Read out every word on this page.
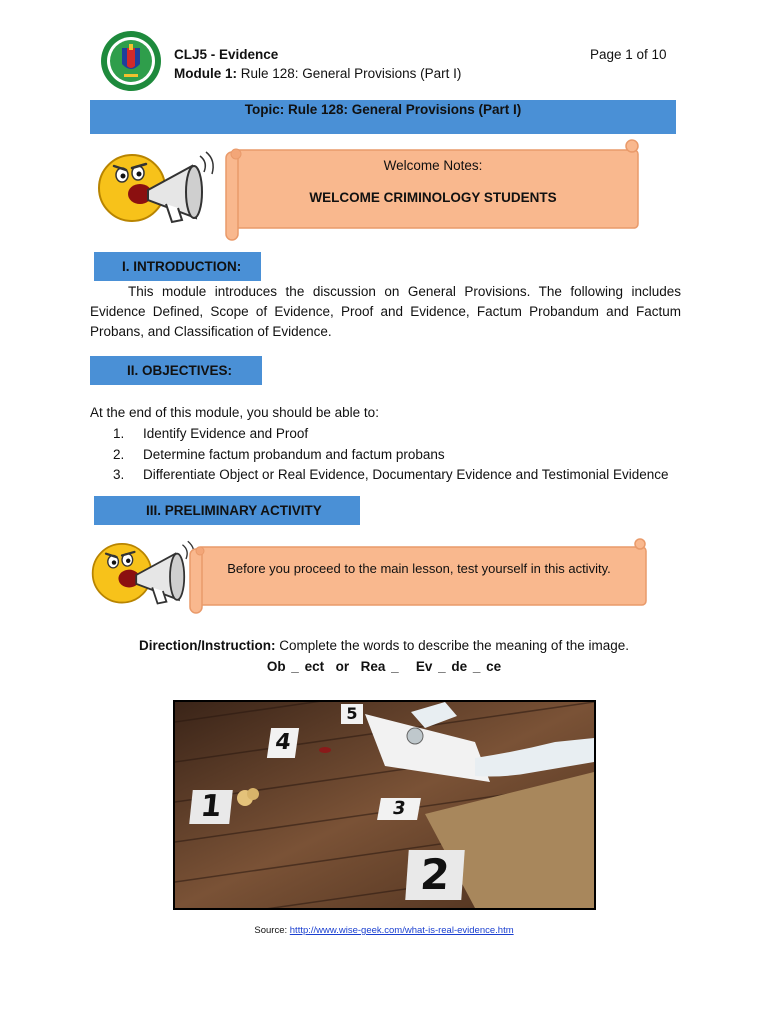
CLJ5 - Evidence
Module 1: Rule 128: General Provisions (Part I)
Page 1 of 10
Topic: Rule 128: General Provisions (Part I)
Welcome Notes:
WELCOME CRIMINOLOGY STUDENTS
I. INTRODUCTION:
This module introduces the discussion on General Provisions. The following includes Evidence Defined, Scope of Evidence, Proof and Evidence, Factum Probandum and Factum Probans, and Classification of Evidence.
II. OBJECTIVES:
At the end of this module, you should be able to:
1.	Identify Evidence and Proof
2.	Determine factum probandum and factum probans
3.	Differentiate Object or Real Evidence, Documentary Evidence and Testimonial Evidence
III. PRELIMINARY ACTIVITY
Before you proceed to the main lesson, test yourself in this activity.
Direction/Instruction: Complete the words to describe the meaning of the image.
Ob _ ect  or  Rea _   Ev _ de _ ce
1
2
3
4
5
Source: htttp://www.wise-geek.com/what-is-real-evidence.htm
